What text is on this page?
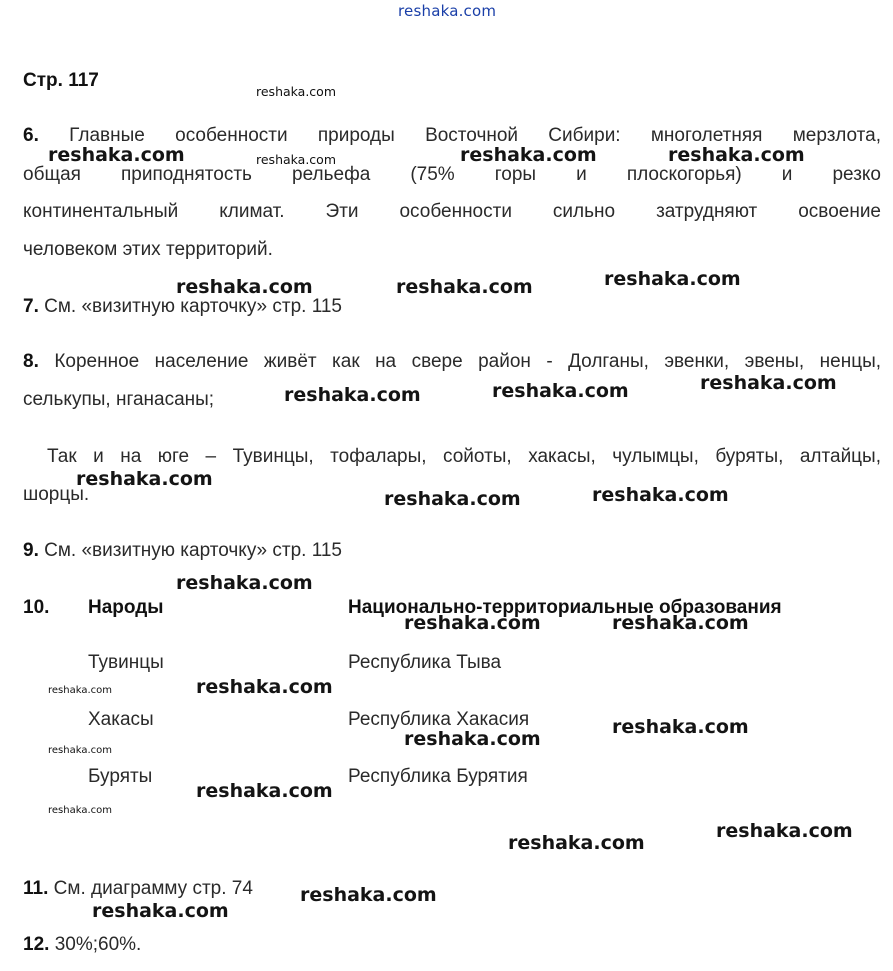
reshaka.com
Стр. 117
6. Главные особенности природы Восточной Сибири: многолетняя мерзлота,
общая приподнятость рельефа (75% горы и плоскогорья) и резко
континентальный климат. Эти особенности сильно затрудняют освоение
человеком этих территорий.
7. См. «визитную карточку» стр. 115
8. Коренное население живёт как на свере район - Долганы, эвенки, эвены, ненцы,
селькупы, нганасаны;
Так и на юге – Тувинцы, тофалары, сойоты, хакасы, чулымцы, буряты, алтайцы,
шорцы.
9. См. «визитную карточку» стр. 115
10. Народы	Национально-территориальные образования
Тувинцы	Республика Тыва
Хакасы	Республика Хакасия
Буряты	Республика Бурятия
11. См. диаграмму стр. 74
12. 30%;60%.
reshaka.com
reshaka.com
reshaka.com
reshaka.com
reshaka.com
reshaka.com	reshaka.com	reshaka.com
reshaka.com	reshaka.com	reshaka.com
reshaka.com	reshaka.com	reshaka.com
reshaka.com
reshaka.com	reshaka.com
reshaka.com
reshaka.com	reshaka.com
reshaka.com
reshaka.com
reshaka.com
reshaka.com
reshaka.com
reshaka.com
reshaka.com
reshaka.com
